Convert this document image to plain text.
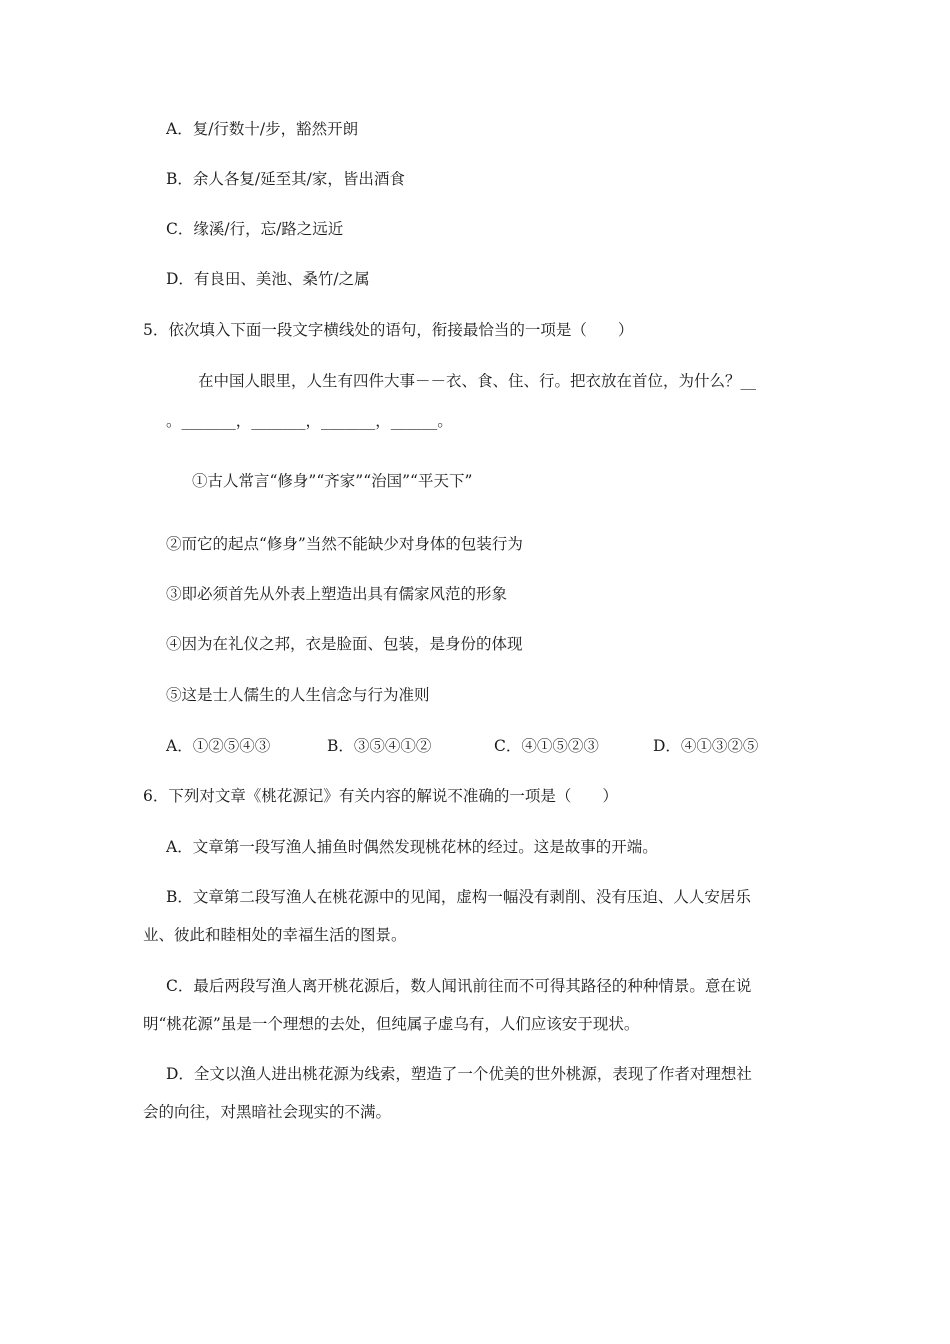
A．复/行数十/步，豁然开朗
B．余人各复/延至其/家，皆出酒食
C．缘溪/行，忘/路之远近
D．有良田、美池、桑竹/之属
5．依次填入下面一段文字横线处的语句，衔接最恰当的一项是（　　）
在中国人眼里，人生有四件大事－－衣、食、住、行。把衣放在首位，为什么？__
。_______，_______，_______，______。
①古人常言“修身”“齐家”“治国”“平天下”
②而它的起点“修身”当然不能缺少对身体的包装行为
③即必须首先从外表上塑造出具有儒家风范的形象
④因为在礼仪之邦，衣是脸面、包装，是身份的体现
⑤这是士人儒生的人生信念与行为准则
A．①②⑤④③	B．③⑤④①②	C．④①⑤②③	D．④①③②⑤
6．下列对文章《桃花源记》有关内容的解说不准确的一项是（　　）
A．文章第一段写渔人捕鱼时偶然发现桃花林的经过。这是故事的开端。
B．文章第二段写渔人在桃花源中的见闻，虚构一幅没有剥削、没有压迫、人人安居乐
业、彼此和睦相处的幸福生活的图景。
C．最后两段写渔人离开桃花源后，数人闻讯前往而不可得其路径的种种情景。意在说
明“桃花源”虽是一个理想的去处，但纯属子虚乌有，人们应该安于现状。
D．全文以渔人进出桃花源为线索，塑造了一个优美的世外桃源，表现了作者对理想社
会的向往，对黑暗社会现实的不满。
